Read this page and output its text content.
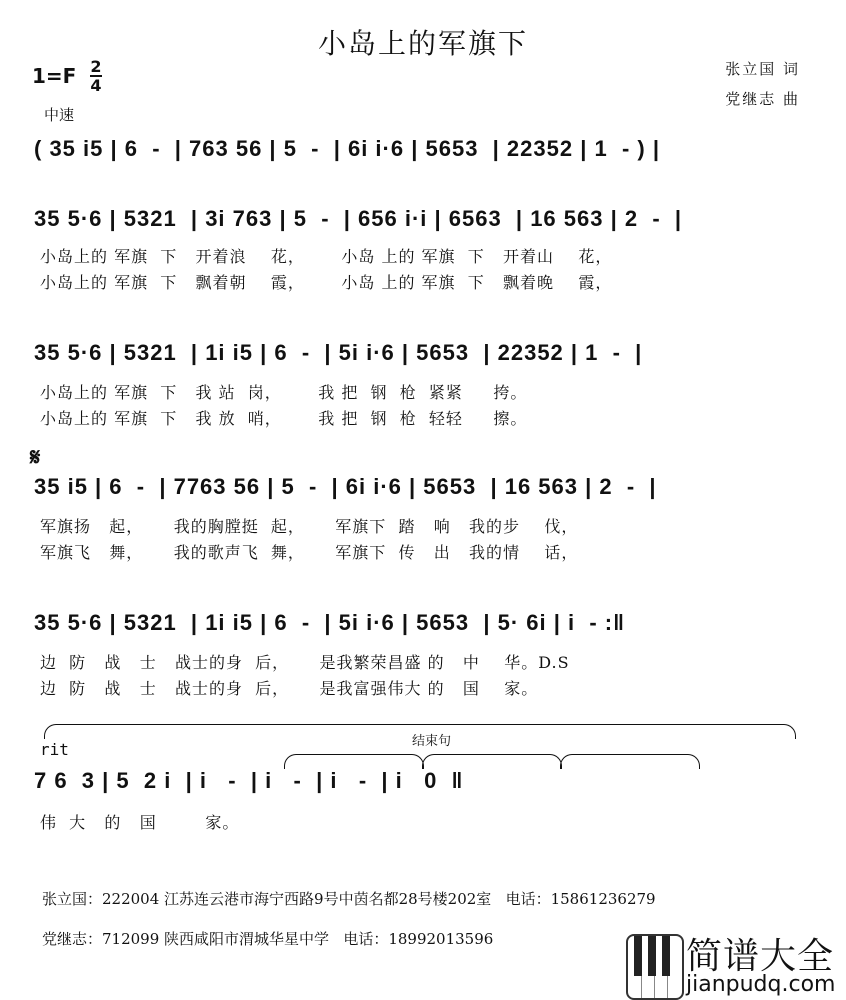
小岛上的军旗下
1=F 2
4
中速
张立国 词
党继志 曲
( 35 i5 | 6  -  | 763 56 | 5  -  | 6i i·6 | 5653  | 22352 | 1  - ) |
35 5·6 | 5321  | 3i 763 | 5  -  | 656 i·i | 6563  | 16 563 | 2  -  |
小岛上的 军旗  下   开着浪    花，      小岛 上的 军旗  下   开着山    花，
小岛上的 军旗  下   飘着朝    霞，      小岛 上的 军旗  下   飘着晚    霞，
35 5·6 | 5321  | 1i i5 | 6  -  | 5i i·6 | 5653  | 22352 | 1  -  |
小岛上的 军旗  下   我 站  岗，      我 把  钢  枪  紧紧     挎。
小岛上的 军旗  下   我 放  哨，      我 把  钢  枪  轻轻     擦。
𝄋
35 i5 | 6  -  | 7763 56 | 5  -  | 6i i·6 | 5653  | 16 563 | 2  -  |
军旗扬   起，     我的胸膛挺  起，     军旗下  踏   响   我的步    伐，
军旗飞   舞，     我的歌声飞  舞，     军旗下  传   出   我的情    话，
35 5·6 | 5321  | 1i i5 | 6  -  | 5i i·6 | 5653  | 5· 6i | i  - :‖
边  防   战   士   战士的身  后，     是我繁荣昌盛 的   中    华。D.S
边  防   战   士   战士的身  后，     是我富强伟大 的   国    家。
结束句
rit
7 6  3 | 5  2 i  | i   -  | i   -  | i   -  | i   0  ‖
伟  大   的   国        家。
张立国：222004 江苏连云港市海宁西路9号中茵名都28号楼202室   电话：15861236279
党继志：712099 陕西咸阳市渭城华星中学   电话：18992013596	简谱大全
jianpudq.com
